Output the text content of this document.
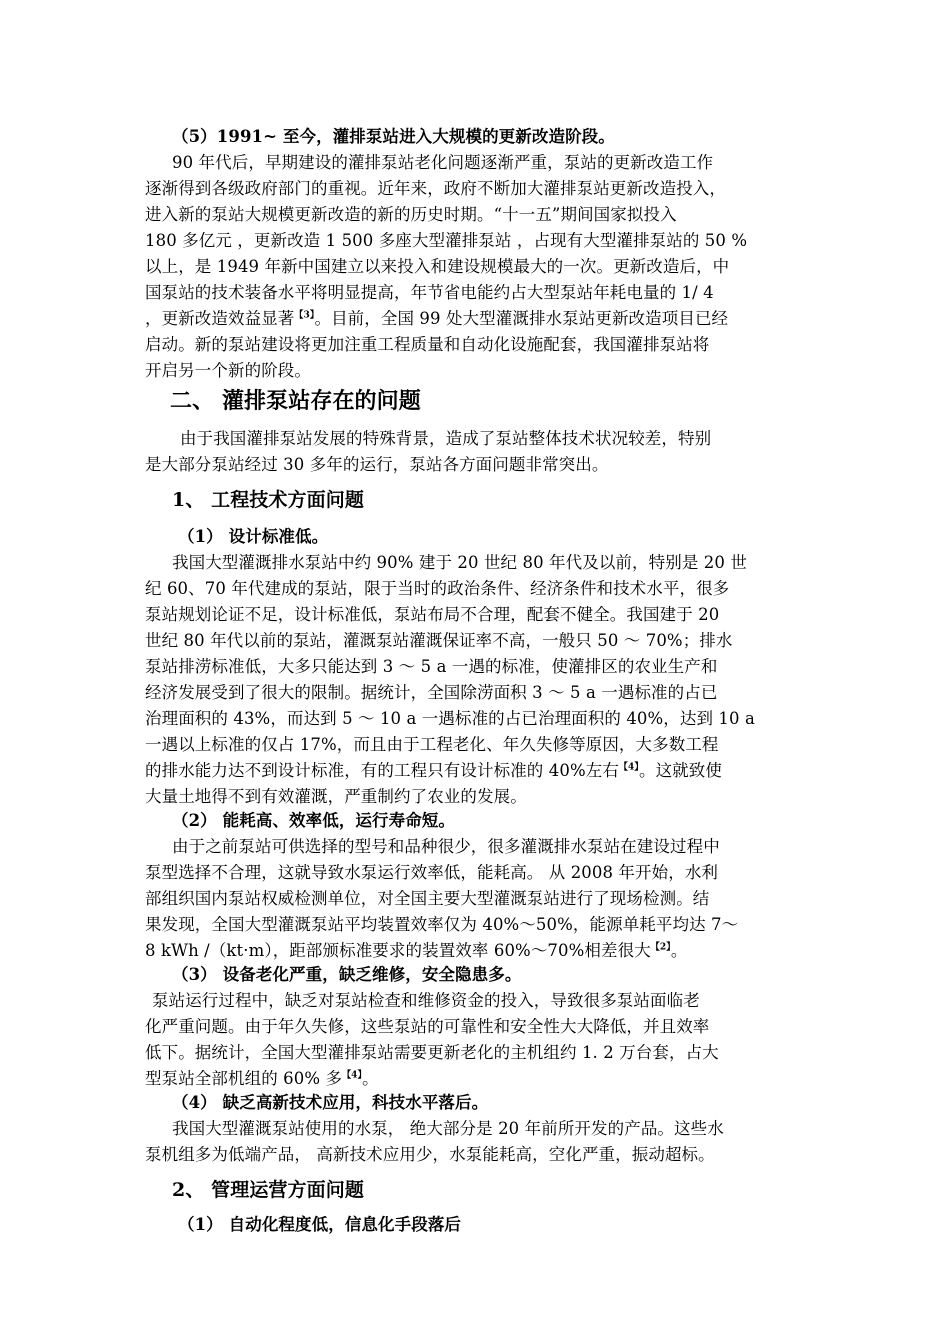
（5）1991~ 至今，灌排泵站进入大规模的更新改造阶段。
90 年代后，早期建设的灌排泵站老化问题逐渐严重，泵站的更新改造工作
逐渐得到各级政府部门的重视。近年来，政府不断加大灌排泵站更新改造投入，
进入新的泵站大规模更新改造的新的历史时期。“十一五”期间国家拟投入
180 多亿元 ，更新改造 1 500 多座大型灌排泵站 ，占现有大型灌排泵站的 50 %
以上，是 1949 年新中国建立以来投入和建设规模最大的一次。更新改造后，中
国泵站的技术装备水平将明显提高，年节省电能约占大型泵站年耗电量的 1/ 4
，更新改造效益显著$^{【3】}$。目前，全国 99 处大型灌溉排水泵站更新改造项目已经
启动。新的泵站建设将更加注重工程质量和自动化设施配套，我国灌排泵站将
开启另一个新的阶段。
二、 灌排泵站存在的问题
由于我国灌排泵站发展的特殊背景，造成了泵站整体技术状况较差，特别
是大部分泵站经过 30 多年的运行，泵站各方面问题非常突出。
1、 工程技术方面问题
（1） 设计标准低。
我国大型灌溉排水泵站中约 90% 建于 20 世纪 80 年代及以前，特别是 20 世
纪 60、70 年代建成的泵站，限于当时的政治条件、经济条件和技术水平，很多
泵站规划论证不足，设计标准低，泵站布局不合理，配套不健全。我国建于 20
世纪 80 年代以前的泵站，灌溉泵站灌溉保证率不高，一般只 50 ～ 70%；排水
泵站排涝标准低，大多只能达到 3 ～ 5 a 一遇的标准，使灌排区的农业生产和
经济发展受到了很大的限制。据统计，全国除涝面积 3 ～ 5 a 一遇标准的占已
治理面积的 43%，而达到 5 ～ 10 a 一遇标准的占已治理面积的 40%，达到 10 a
一遇以上标准的仅占 17%，而且由于工程老化、年久失修等原因，大多数工程
的排水能力达不到设计标准，有的工程只有设计标准的 40%左右$^{【4】}$。这就致使
大量土地得不到有效灌溉，严重制约了农业的发展。
（2） 能耗高、效率低，运行寿命短。
由于之前泵站可供选择的型号和品种很少，很多灌溉排水泵站在建设过程中
泵型选择不合理，这就导致水泵运行效率低，能耗高。 从 2008 年开始，水利
部组织国内泵站权威检测单位，对全国主要大型灌溉泵站进行了现场检测。结
果发现，全国大型灌溉泵站平均装置效率仅为 40%～50%，能源单耗平均达 7～
8 kWh /（kt·m），距部颁标准要求的装置效率 60%～70%相差很大$^{【2】}$。
（3） 设备老化严重，缺乏维修，安全隐患多。
泵站运行过程中，缺乏对泵站检查和维修资金的投入，导致很多泵站面临老
化严重问题。由于年久失修，这些泵站的可靠性和安全性大大降低，并且效率
低下。据统计，全国大型灌排泵站需要更新老化的主机组约 1. 2 万台套，占大
型泵站全部机组的 60% 多$^{【4】}$。
（4） 缺乏高新技术应用，科技水平落后。
我国大型灌溉泵站使用的水泵， 绝大部分是 20 年前所开发的产品。这些水
泵机组多为低端产品， 高新技术应用少，水泵能耗高，空化严重，振动超标。
2、 管理运营方面问题
（1） 自动化程度低，信息化手段落后
